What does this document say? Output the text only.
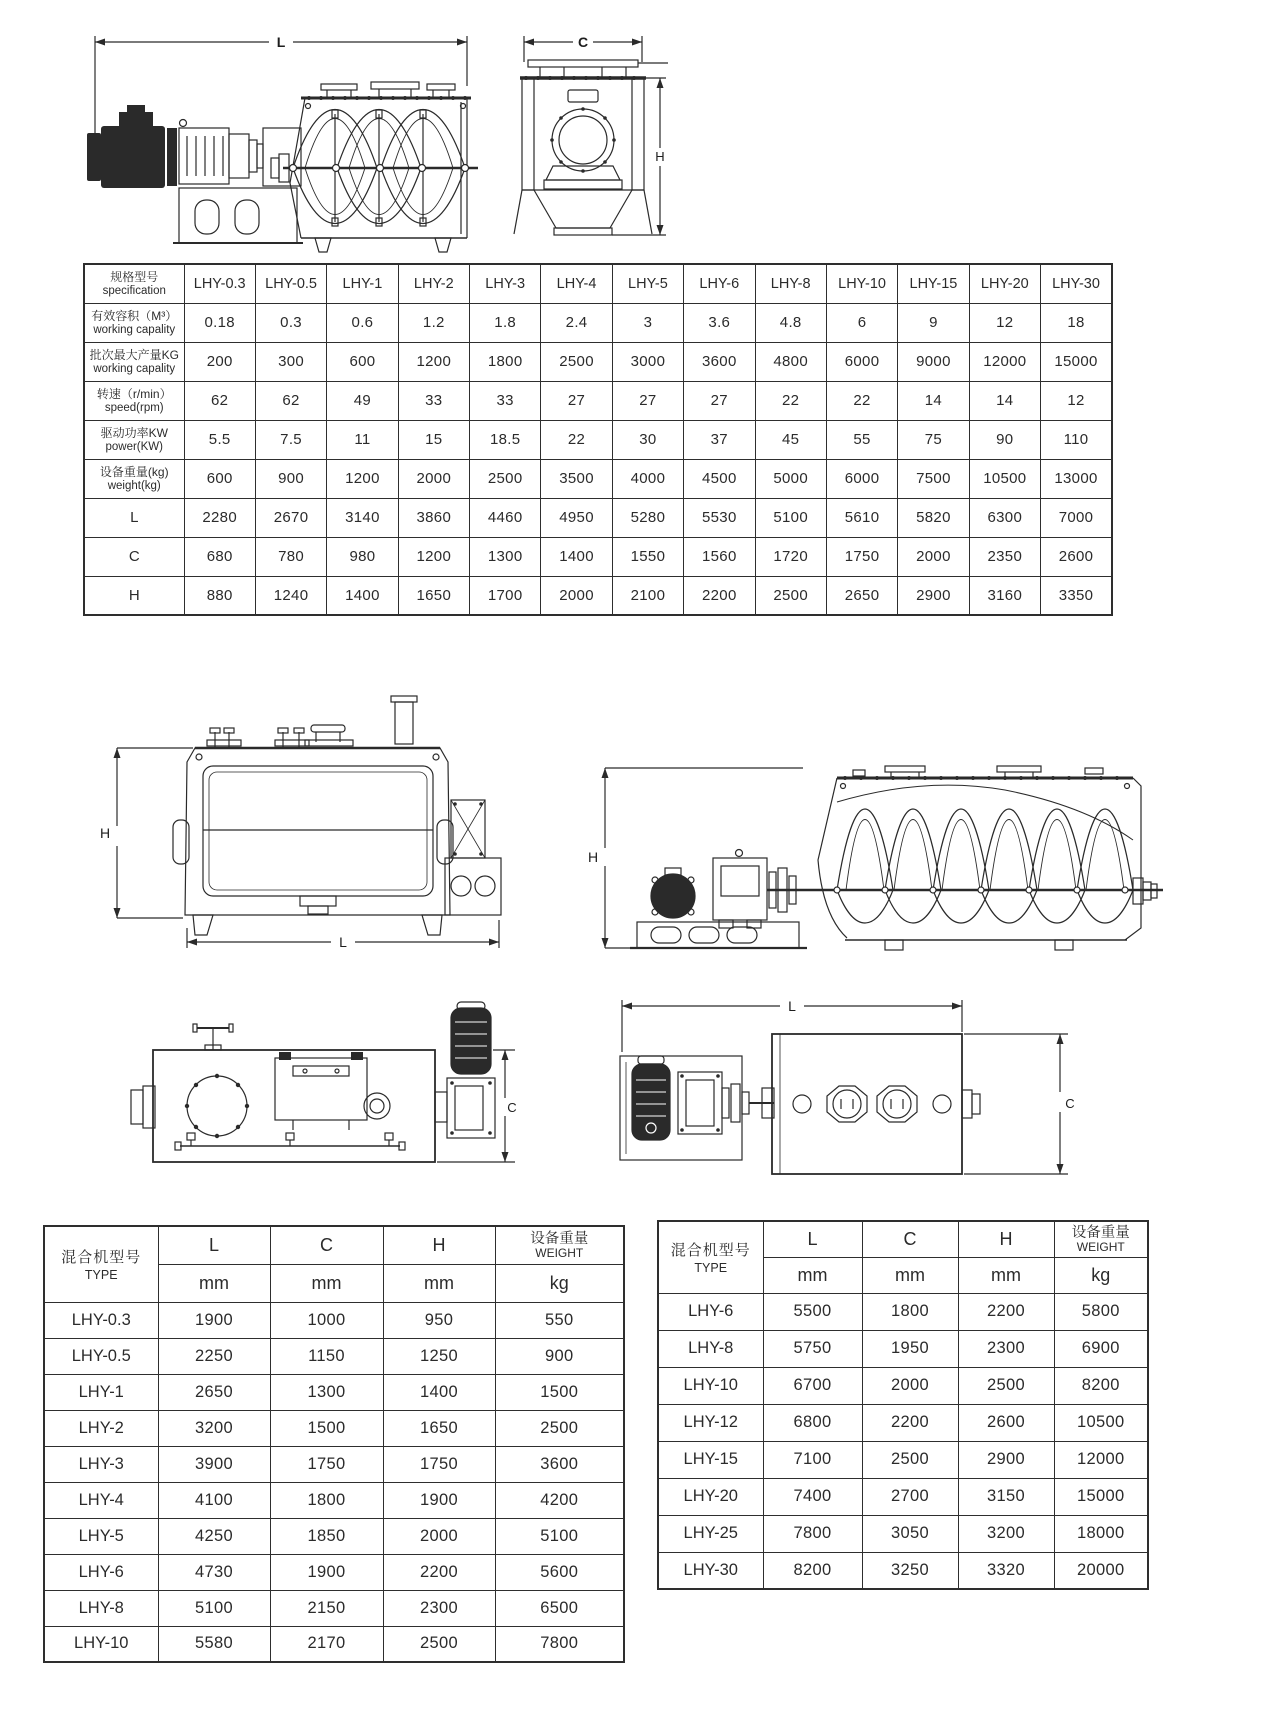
L	C
H
规格型号
specification	LHY-0.3	LHY-0.5	LHY-1	LHY-2	LHY-3	LHY-4	LHY-5	LHY-6	LHY-8	LHY-10	LHY-15	LHY-20	LHY-30

有效容积（M³）
working capality	0.18	0.3	0.6	1.2	1.8	2.4	3	3.6	4.8	6	9	12	18

批次最大产量KG
working capality	200	300	600	1200	1800	2500	3000	3600	4800	6000	9000	12000	15000

转速（r/min）
speed(rpm)	62	62	49	33	33	27	27	27	22	22	14	14	12

驱动功率KW
power(KW)	5.5	7.5	11	15	18.5	22	30	37	45	55	75	90	110

设备重量(kg)
weight(kg)	600	900	1200	2000	2500	3500	4000	4500	5000	6000	7500	10500	13000

L	2280	2670	3140	3860	4460	4950	5280	5530	5100	5610	5820	6300	7000

C	680	780	980	1200	1300	1400	1550	1560	1720	1750	2000	2350	2600

H	880	1240	1400	1650	1700	2000	2100	2200	2500	2650	2900	3160	3350
H
L
H
C
L
C
混合机型号
TYPE
	L	C	H	设备重量
WEIGHT

	mm	mm	mm	kg
LHY-0.3	1900	1000	950	550
LHY-0.5	2250	1150	1250	900
LHY-1	2650	1300	1400	1500
LHY-2	3200	1500	1650	2500
LHY-3	3900	1750	1750	3600
LHY-4	4100	1800	1900	4200
LHY-5	4250	1850	2000	5100
LHY-6	4730	1900	2200	5600
LHY-8	5100	2150	2300	6500
LHY-10	5580	2170	2500	7800
混合机型号
TYPE
	L	C	H	设备重量
WEIGHT

	mm	mm	mm	kg
LHY-6	5500	1800	2200	5800
LHY-8	5750	1950	2300	6900
LHY-10	6700	2000	2500	8200
LHY-12	6800	2200	2600	10500
LHY-15	7100	2500	2900	12000
LHY-20	7400	2700	3150	15000
LHY-25	7800	3050	3200	18000
LHY-30	8200	3250	3320	20000
